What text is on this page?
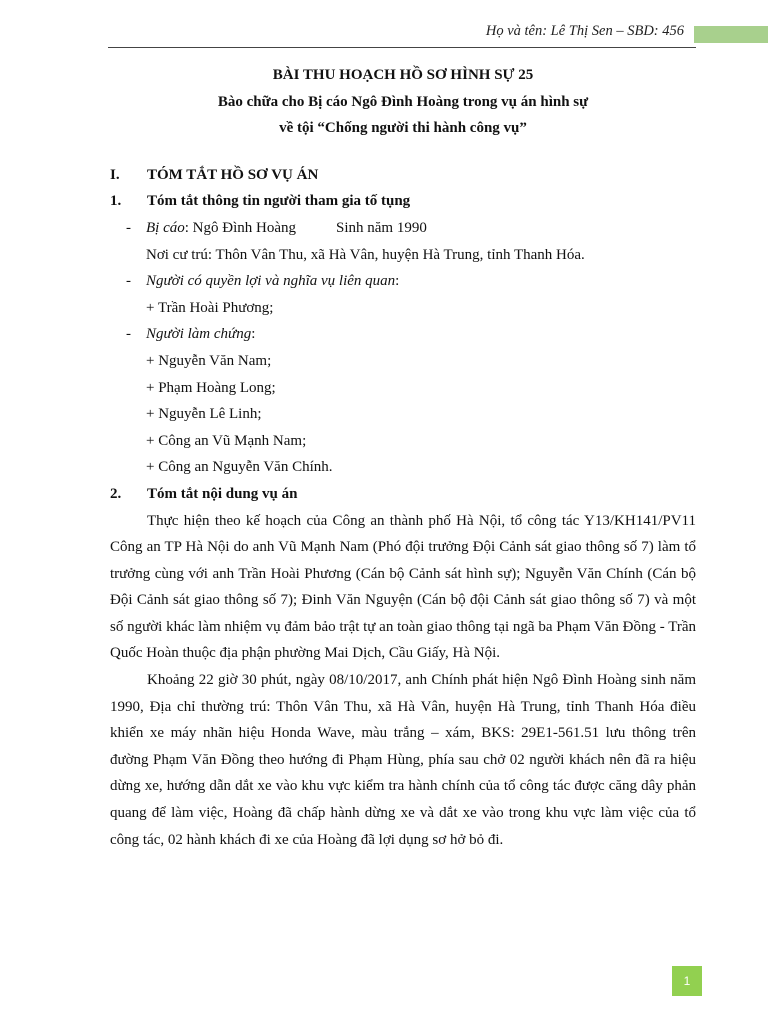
Họ và tên: Lê Thị Sen – SBD: 456
BÀI THU HOẠCH HỒ SƠ HÌNH SỰ 25
Bào chữa cho Bị cáo Ngô Đình Hoàng trong vụ án hình sự
về tội “Chống người thi hành công vụ”
I.	TÓM TẮT HỒ SƠ VỤ ÁN
1.	Tóm tắt thông tin người tham gia tố tụng
-	Bị cáo: Ngô Đình Hoàng	Sinh năm 1990
Nơi cư trú: Thôn Vân Thu, xã Hà Vân, huyện Hà Trung, tỉnh Thanh Hóa.
-	Người có quyền lợi và nghĩa vụ liên quan:
+ Trần Hoài Phương;
-	Người làm chứng:
+ Nguyễn Văn Nam;
+ Phạm Hoàng Long;
+ Nguyễn Lê Linh;
+ Công an Vũ Mạnh Nam;
+ Công an Nguyễn Văn Chính.
2.	Tóm tắt nội dung vụ án

Thực hiện theo kế hoạch của Công an thành phố Hà Nội, tổ công tác Y13/KH141/PV11 Công an TP Hà Nội do anh Vũ Mạnh Nam (Phó đội trưởng Đội Cảnh sát giao thông số 7) làm tổ trưởng cùng với anh Trần Hoài Phương (Cán bộ Cảnh sát hình sự); Nguyễn Văn Chính (Cán bộ Đội Cảnh sát giao thông số 7); Đinh Văn Nguyện (Cán bộ đội Cảnh sát giao thông số 7) và một số người khác làm nhiệm vụ đảm bảo trật tự an toàn giao thông tại ngã ba Phạm Văn Đồng - Trần Quốc Hoàn thuộc địa phận phường Mai Dịch, Cầu Giấy, Hà Nội.

Khoảng 22 giờ 30 phút, ngày 08/10/2017, anh Chính phát hiện Ngô Đình Hoàng sinh năm 1990, Địa chỉ thường trú: Thôn Vân Thu, xã Hà Vân, huyện Hà Trung, tỉnh Thanh Hóa điều khiển xe máy nhãn hiệu Honda Wave, màu trắng – xám, BKS: 29E1-561.51 lưu thông trên đường Phạm Văn Đồng theo hướng đi Phạm Hùng, phía sau chở 02 người khách nên đã ra hiệu dừng xe, hướng dẫn dắt xe vào khu vực kiểm tra hành chính của tổ công tác được căng dây phản quang để làm việc, Hoàng đã chấp hành dừng xe và dắt xe vào trong khu vực làm việc của tổ công tác, 02 hành khách đi xe của Hoàng đã lợi dụng sơ hở bỏ đi.

1
